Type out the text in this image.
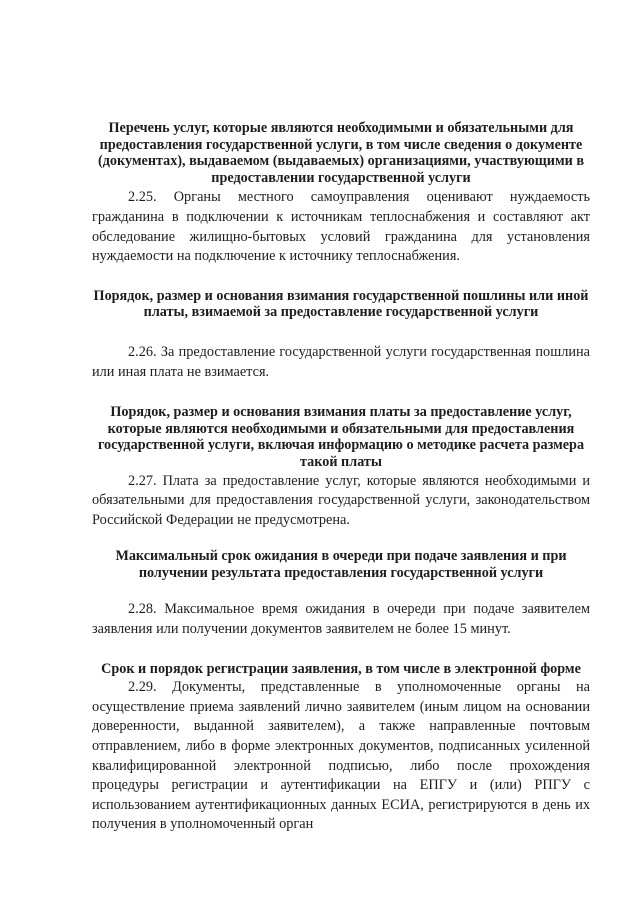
Перечень услуг, которые являются необходимыми и обязательными для предоставления государственной услуги, в том числе сведения о документе (документах), выдаваемом (выдаваемых) организациями, участвующими в предоставлении государственной услуги

2.25. Органы местного самоуправления оценивают нуждаемость гражданина в подключении к источникам теплоснабжения и составляют акт обследование жилищно-бытовых условий гражданина для установления нуждаемости на подключение к источнику теплоснабжения.

Порядок, размер и основания взимания государственной пошлины или иной платы, взимаемой за предоставление государственной услуги

2.26. За предоставление государственной услуги государственная пошлина или иная плата не взимается.

Порядок, размер и основания взимания платы за предоставление услуг, которые являются необходимыми и обязательными для предоставления государственной услуги, включая информацию о методике расчета размера такой платы

2.27. Плата за предоставление услуг, которые являются необходимыми и обязательными для предоставления государственной услуги, законодательством Российской Федерации не предусмотрена.

Максимальный срок ожидания в очереди при подаче заявления и при получении результата предоставления государственной услуги

2.28. Максимальное время ожидания в очереди при подаче заявителем заявления или получении документов заявителем не более 15 минут.

Срок и порядок регистрации заявления, в том числе в электронной форме

2.29. Документы, представленные в уполномоченные органы на осуществление приема заявлений лично заявителем (иным лицом на основании доверенности, выданной заявителем), а также направленные почтовым отправлением, либо в форме электронных документов, подписанных усиленной квалифицированной электронной подписью, либо после прохождения процедуры регистрации и аутентификации на ЕПГУ и (или) РПГУ с использованием аутентификационных данных ЕСИА, регистрируются в день их получения в уполномоченный орган
